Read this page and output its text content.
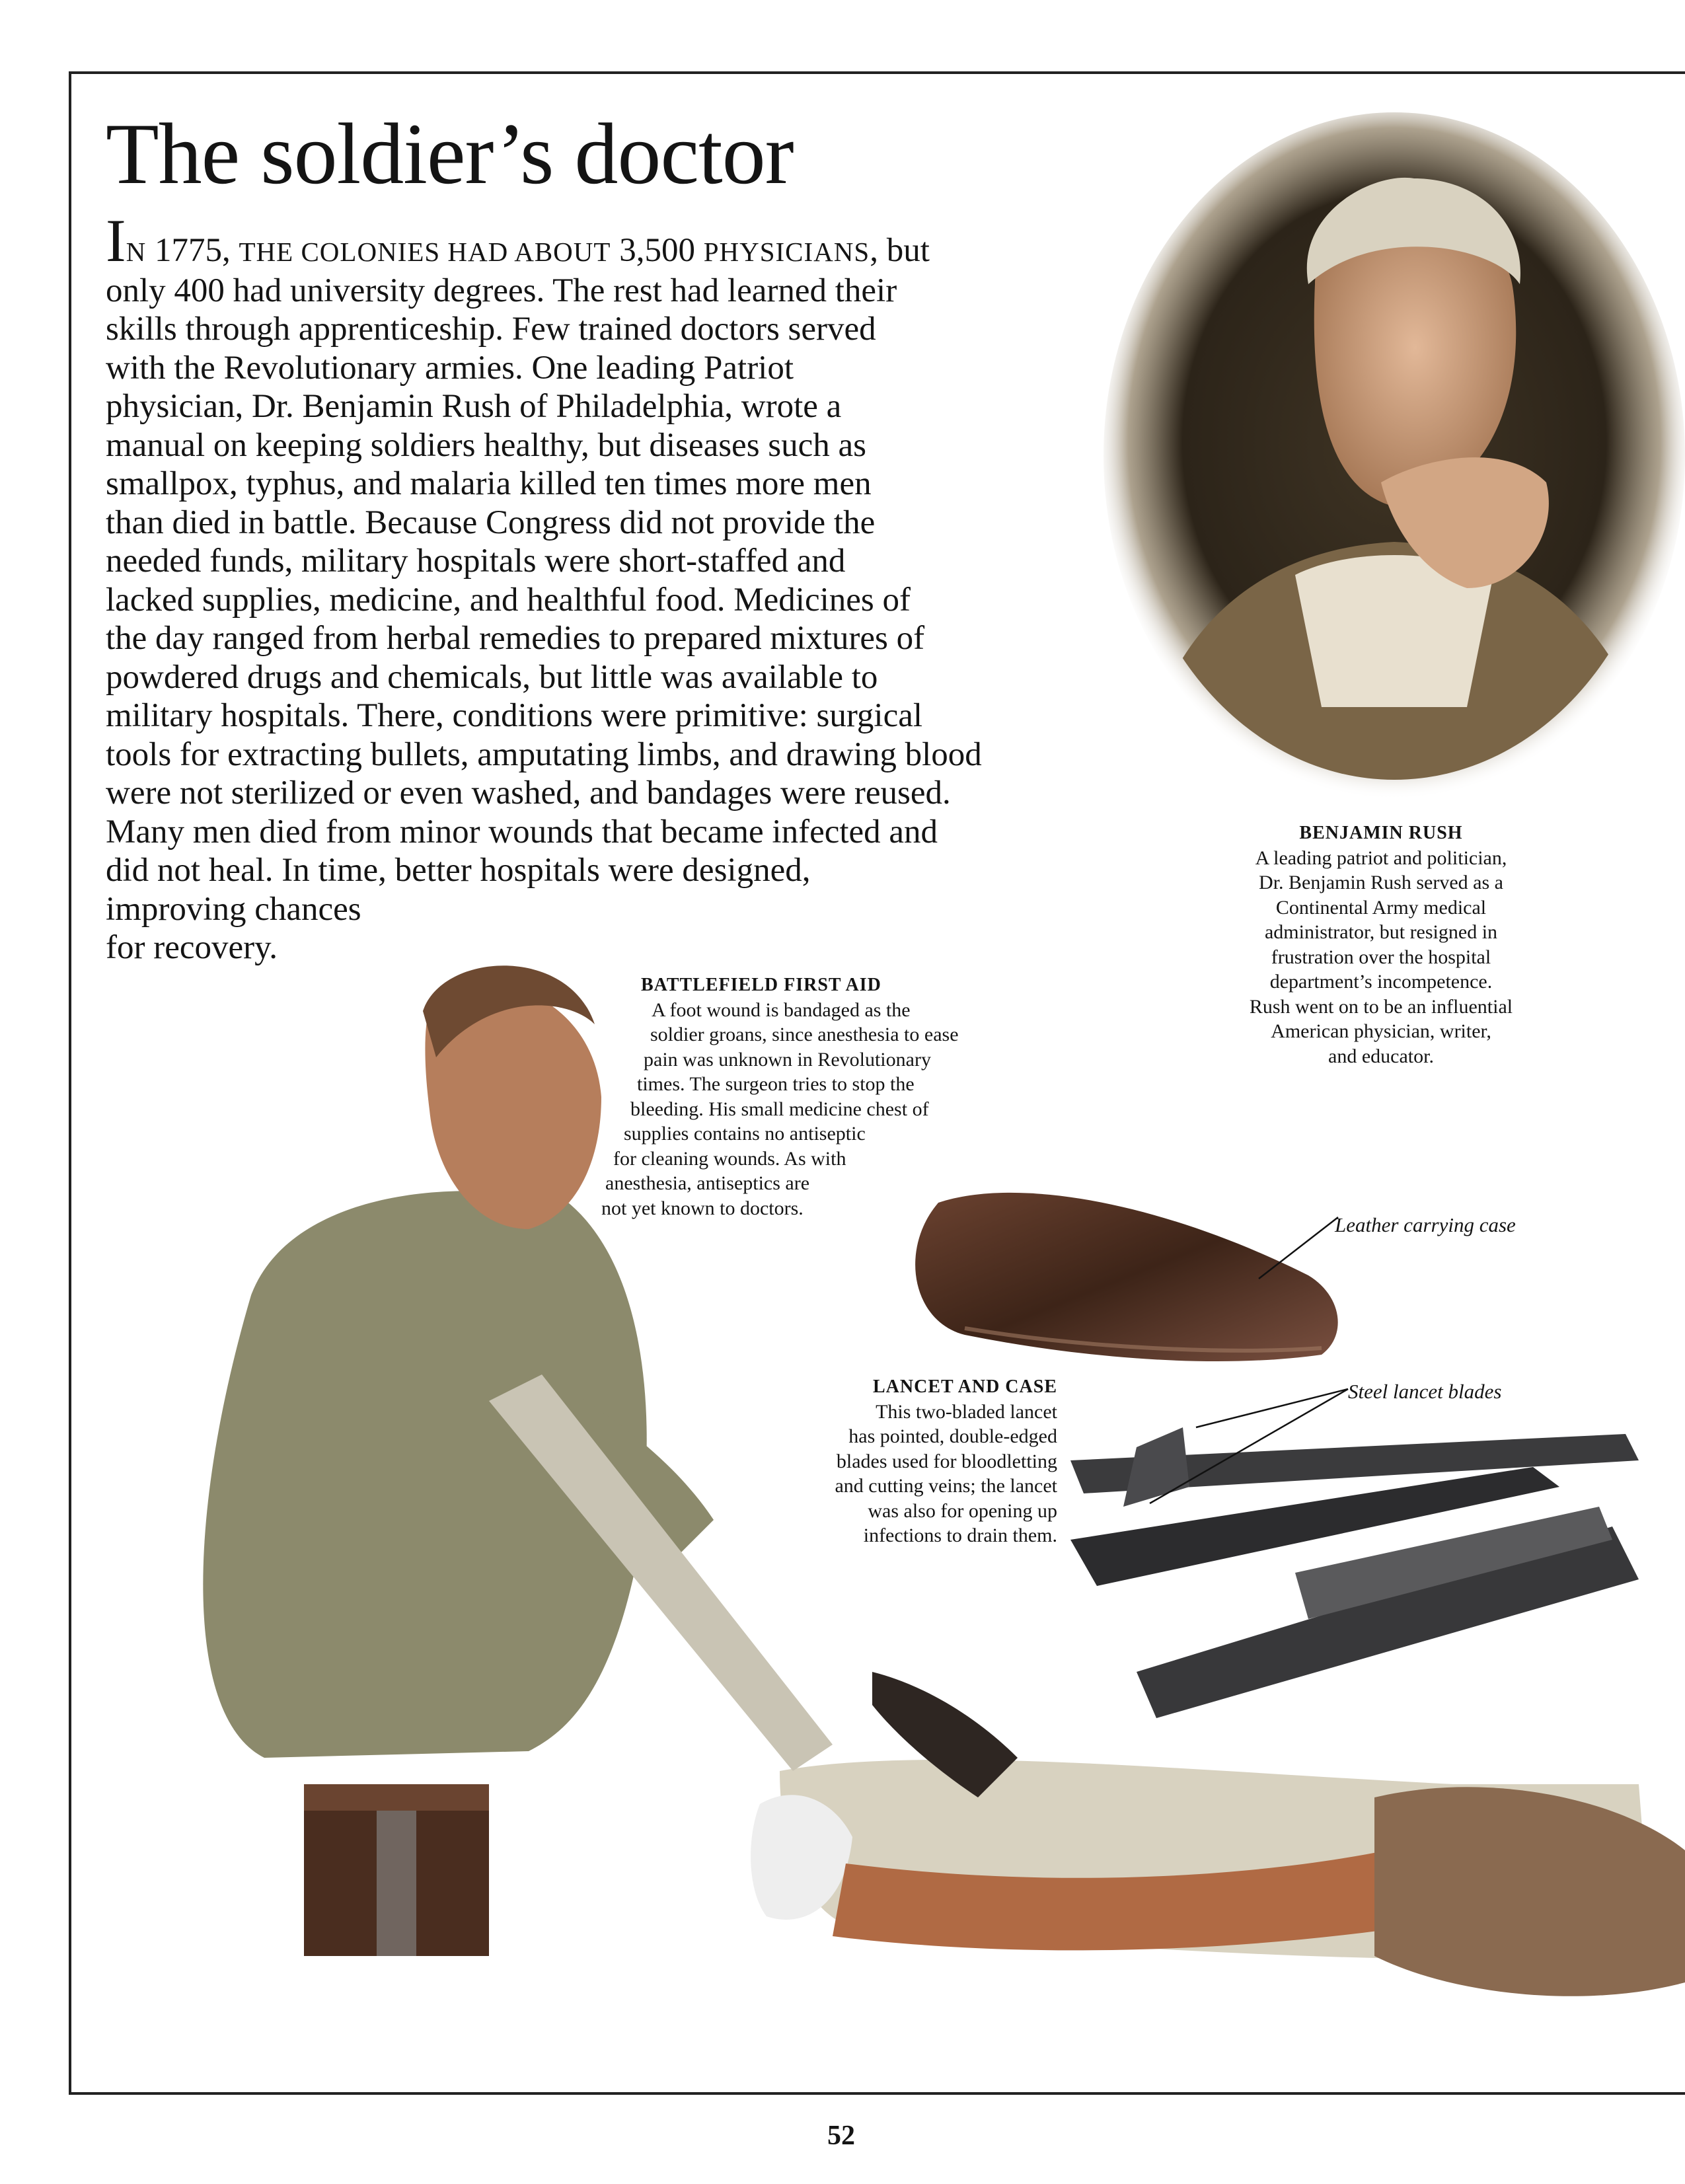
The soldier’s doctor

IN 1775, THE COLONIES HAD ABOUT 3,500 PHYSICIANS, but
only 400 had university degrees. The rest had learned their
skills through apprenticeship. Few trained doctors served
with the Revolutionary armies. One leading Patriot
physician, Dr. Benjamin Rush of Philadelphia, wrote a
manual on keeping soldiers healthy, but diseases such as
smallpox, typhus, and malaria killed ten times more men
than died in battle. Because Congress did not provide the
needed funds, military hospitals were short-staffed and
lacked supplies, medicine, and healthful food. Medicines of
the day ranged from herbal remedies to prepared mixtures of
powdered drugs and chemicals, but little was available to
military hospitals. There, conditions were primitive: surgical
tools for extracting bullets, amputating limbs, and drawing blood
were not sterilized or even washed, and bandages were reused.
Many men died from minor wounds that became infected and
did not heal. In time, better hospitals were designed,
improving chances
for recovery.

BENJAMIN RUSH
A leading patriot and politician,
Dr. Benjamin Rush served as a
Continental Army medical
administrator, but resigned in
frustration over the hospital
department’s incompetence.
Rush went on to be an influential
American physician, writer,
and educator.
BATTLEFIELD FIRST AID
A foot wound is bandaged as the
soldier groans, since anesthesia to ease
pain was unknown in Revolutionary
times. The surgeon tries to stop the
bleeding. His small medicine chest of
supplies contains no antiseptic
for cleaning wounds. As with
anesthesia, antiseptics are
not yet known to doctors.
Leather carrying case
LANCET AND CASE
This two-bladed lancet
has pointed, double-edged
blades used for bloodletting
and cutting veins; the lancet
was also for opening up
infections to drain them.
Steel lancet blades
52
